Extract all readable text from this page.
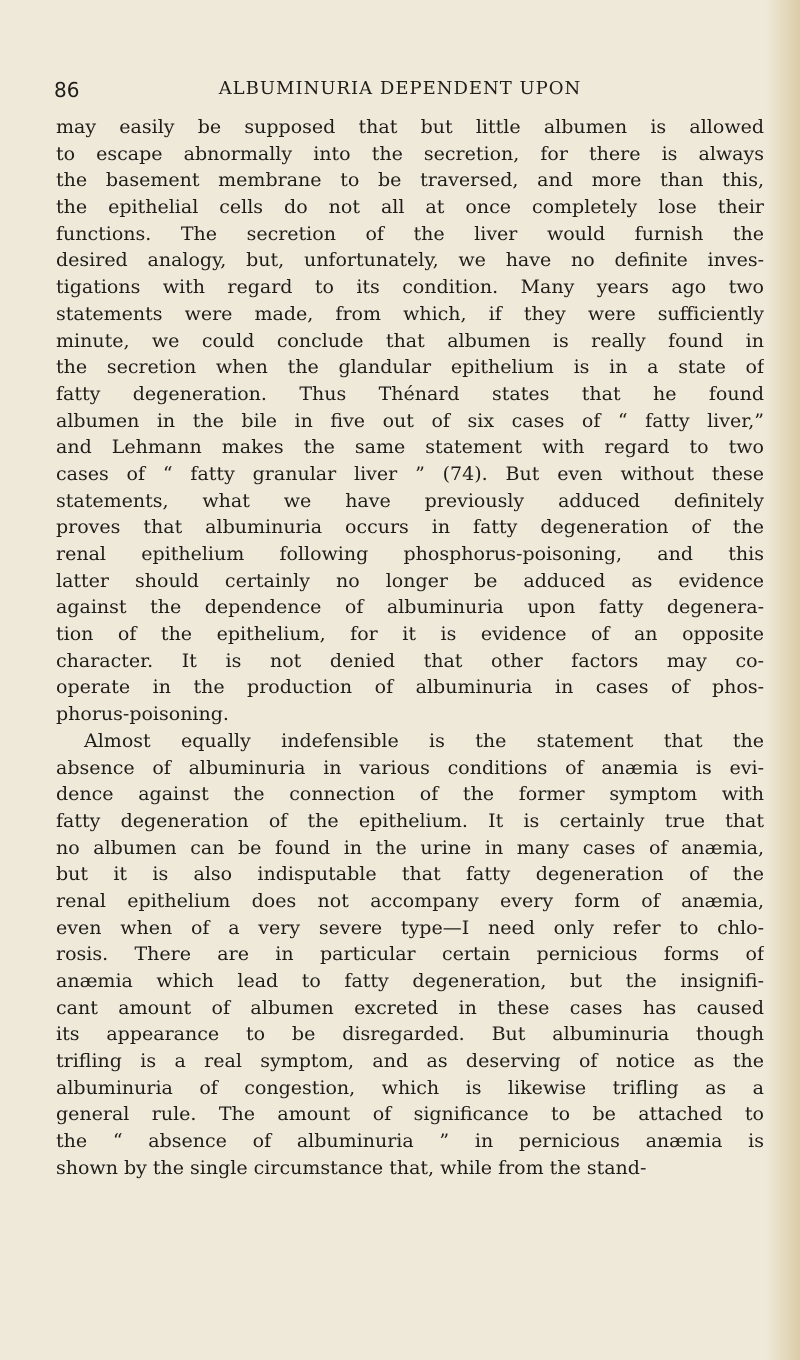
86	ALBUMINURIA DEPENDENT UPON
may easily be supposed that but little albumen is allowed
to escape abnormally into the secretion, for there is always
the basement membrane to be traversed, and more than this,
the epithelial cells do not all at once completely lose their
functions. The secretion of the liver would furnish the
desired analogy, but, unfortunately, we have no definite inves-
tigations with regard to its condition. Many years ago two
statements were made, from which, if they were sufficiently
minute, we could conclude that albumen is really found in
the secretion when the glandular epithelium is in a state of
fatty degeneration. Thus Thénard states that he found
albumen in the bile in five out of six cases of “ fatty liver,”
and Lehmann makes the same statement with regard to two
cases of “ fatty granular liver ” (74). But even without these
statements, what we have previously adduced definitely
proves that albuminuria occurs in fatty degeneration of the
renal epithelium following phosphorus-poisoning, and this
latter should certainly no longer be adduced as evidence
against the dependence of albuminuria upon fatty degenera-
tion of the epithelium, for it is evidence of an opposite
character. It is not denied that other factors may co-
operate in the production of albuminuria in cases of phos-
phorus-poisoning.
Almost equally indefensible is the statement that the
absence of albuminuria in various conditions of anæmia is evi-
dence against the connection of the former symptom with
fatty degeneration of the epithelium. It is certainly true that
no albumen can be found in the urine in many cases of anæmia,
but it is also indisputable that fatty degeneration of the
renal epithelium does not accompany every form of anæmia,
even when of a very severe type—I need only refer to chlo-
rosis. There are in particular certain pernicious forms of
anæmia which lead to fatty degeneration, but the insignifi-
cant amount of albumen excreted in these cases has caused
its appearance to be disregarded. But albuminuria though
trifling is a real symptom, and as deserving of notice as the
albuminuria of congestion, which is likewise trifling as a
general rule. The amount of significance to be attached to
the “ absence of albuminuria ” in pernicious anæmia is
shown by the single circumstance that, while from the stand-
